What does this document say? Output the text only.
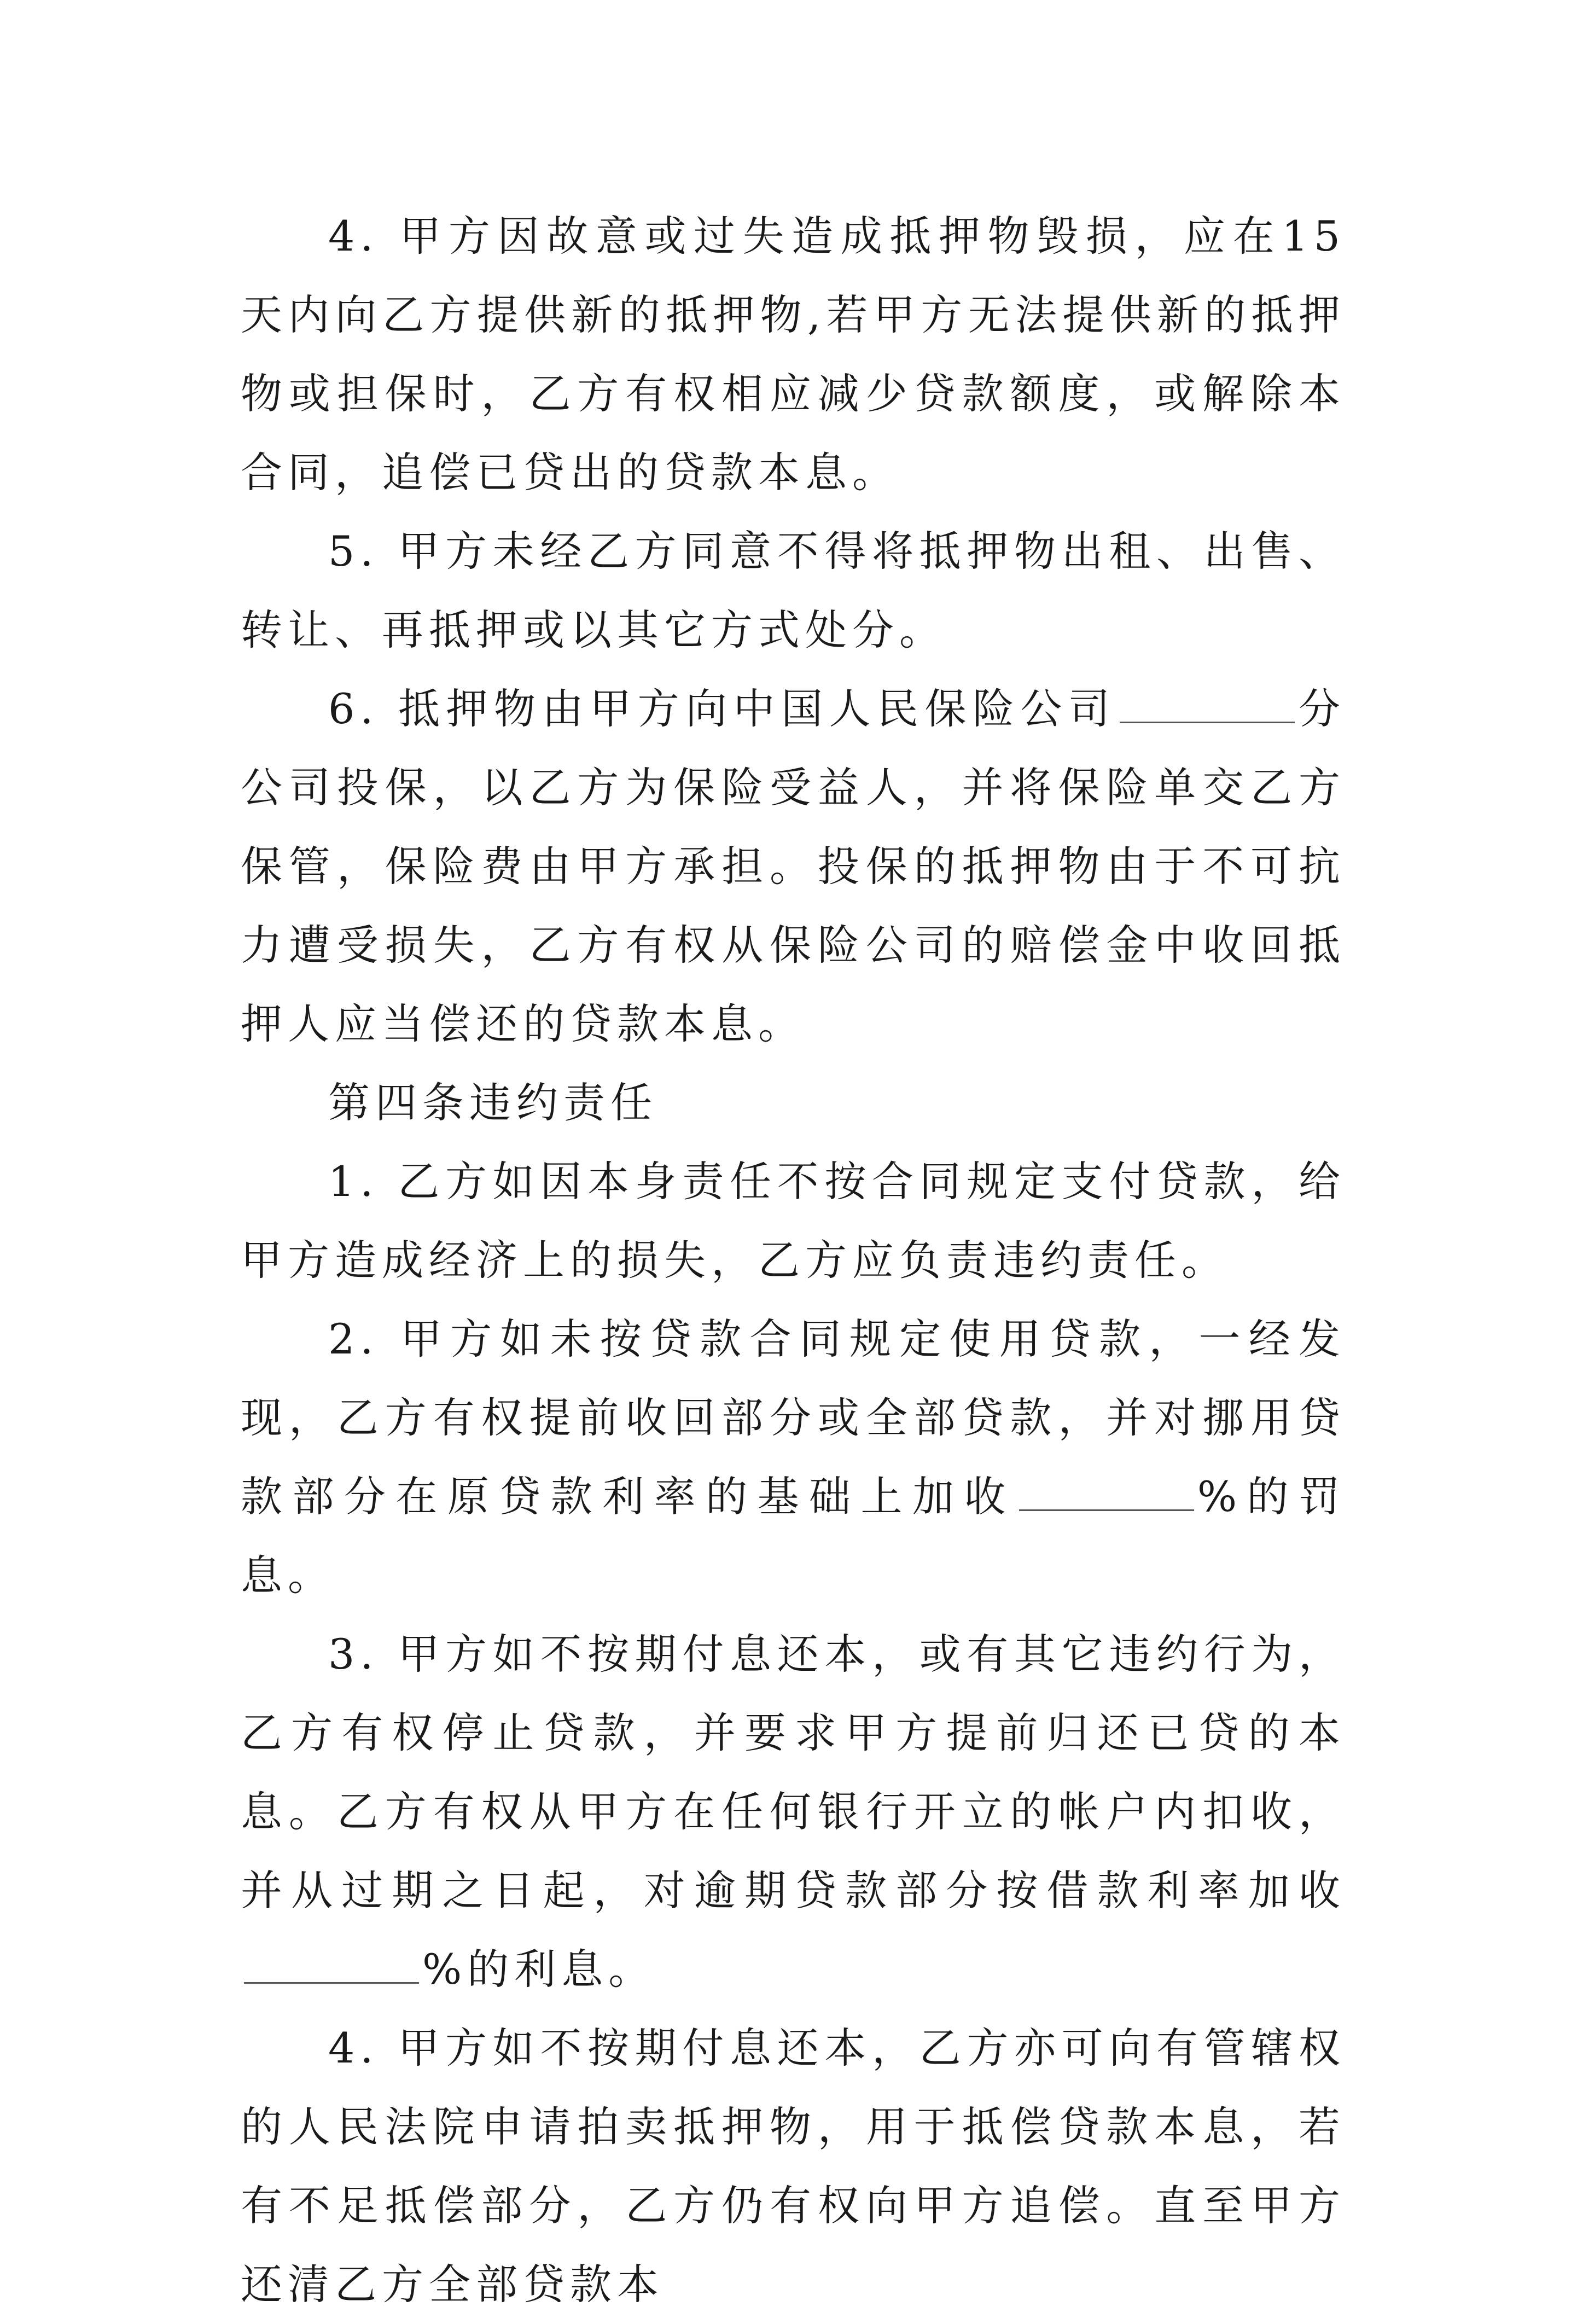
4. 甲方因故意或过失造成抵押物毁损，应在15天内向乙方提供新的抵押物,若甲方无法提供新的抵押物或担保时，乙方有权相应减少贷款额度，或解除本合同，追偿已贷出的贷款本息。

5. 甲方未经乙方同意不得将抵押物出租、出售、转让、再抵押或以其它方式处分。

6. 抵押物由甲方向中国人民保险公司	分公司投保，以乙方为保险受益人，并将保险单交乙方保管，保险费由甲方承担。投保的抵押物由于不可抗力遭受损失，乙方有权从保险公司的赔偿金中收回抵押人应当偿还的贷款本息。

第四条违约责任

1. 乙方如因本身责任不按合同规定支付贷款，给甲方造成经济上的损失，乙方应负责违约责任。

2. 甲方如未按贷款合同规定使用贷款，一经发现，乙方有权提前收回部分或全部贷款，并对挪用贷款部分在原贷款利率的基础上加收	%的罚息。

3. 甲方如不按期付息还本，或有其它违约行为，乙方有权停止贷款，并要求甲方提前归还已贷的本息。乙方有权从甲方在任何银行开立的帐户内扣收，并从过期之日起，对逾期贷款部分按借款利率加收%的利息。

4. 甲方如不按期付息还本，乙方亦可向有管辖权的人民法院申请拍卖抵押物，用于抵偿贷款本息，若有不足抵偿部分，乙方仍有权向甲方追偿。直至甲方还清乙方全部贷款本
